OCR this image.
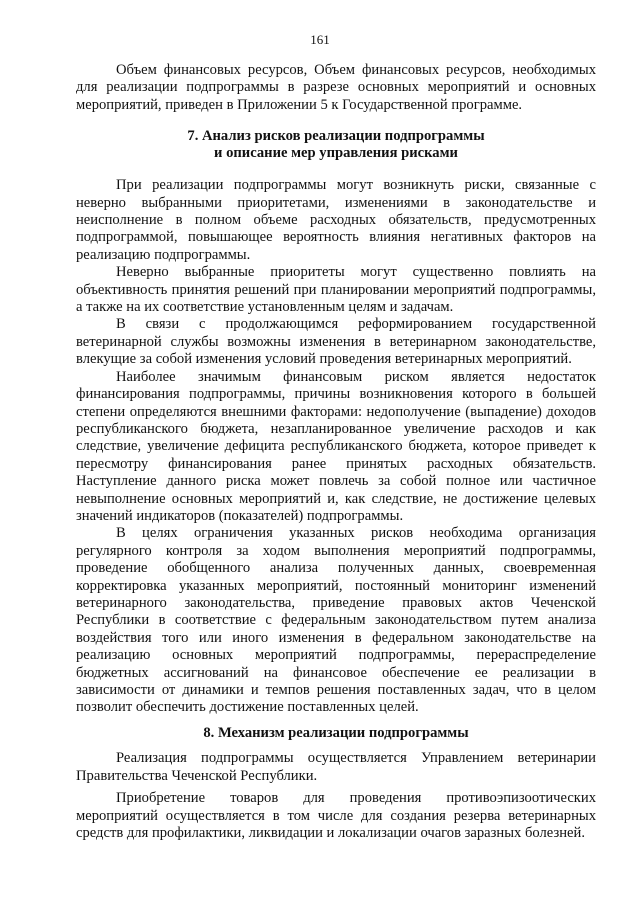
161

Объем финансовых ресурсов, Объем финансовых ресурсов, необходимых для реализации подпрограммы в разрезе основных мероприятий и основных мероприятий, приведен в Приложении 5 к Государственной программе.

7. Анализ рисков реализации подпрограммы

и описание мер управления рисками

При реализации подпрограммы могут возникнуть риски, связанные с неверно выбранными приоритетами, изменениями в законодательстве и неисполнение в полном объеме расходных обязательств, предусмотренных подпрограммой, повышающее вероятность влияния негативных факторов на реализацию подпрограммы.

Неверно выбранные приоритеты могут существенно повлиять на объективность принятия решений при планировании мероприятий подпрограммы, а также на их соответствие установленным целям и задачам.

В связи с продолжающимся реформированием государственной ветеринарной службы возможны изменения в ветеринарном законодательстве, влекущие за собой изменения условий проведения ветеринарных мероприятий.

Наиболее значимым финансовым риском является недостаток финансирования подпрограммы, причины возникновения которого в большей степени определяются внешними факторами: недополучение (выпадение) доходов республиканского бюджета, незапланированное увеличение расходов и как следствие, увеличение дефицита республиканского бюджета, которое приведет к пересмотру финансирования ранее принятых расходных обязательств. Наступление данного риска может повлечь за собой полное или частичное невыполнение основных мероприятий и, как следствие, не достижение целевых значений индикаторов (показателей) подпрограммы.

В целях ограничения указанных рисков необходима организация регулярного контроля за ходом выполнения мероприятий подпрограммы, проведение обобщенного анализа полученных данных, своевременная корректировка указанных мероприятий, постоянный мониторинг изменений ветеринарного законодательства, приведение правовых актов Чеченской Республики в соответствие с федеральным законодательством путем анализа воздействия того или иного изменения в федеральном законодательстве на реализацию основных мероприятий подпрограммы, перераспределение бюджетных ассигнований на финансовое обеспечение ее реализации в зависимости от динамики и темпов решения поставленных задач, что в целом позволит обеспечить достижение поставленных целей.

8. Механизм реализации подпрограммы

Реализация подпрограммы осуществляется Управлением ветеринарии Правительства Чеченской Республики.

Приобретение товаров для проведения противоэпизоотических мероприятий осуществляется в том числе для создания резерва ветеринарных средств для профилактики, ликвидации и локализации очагов заразных болезней.
